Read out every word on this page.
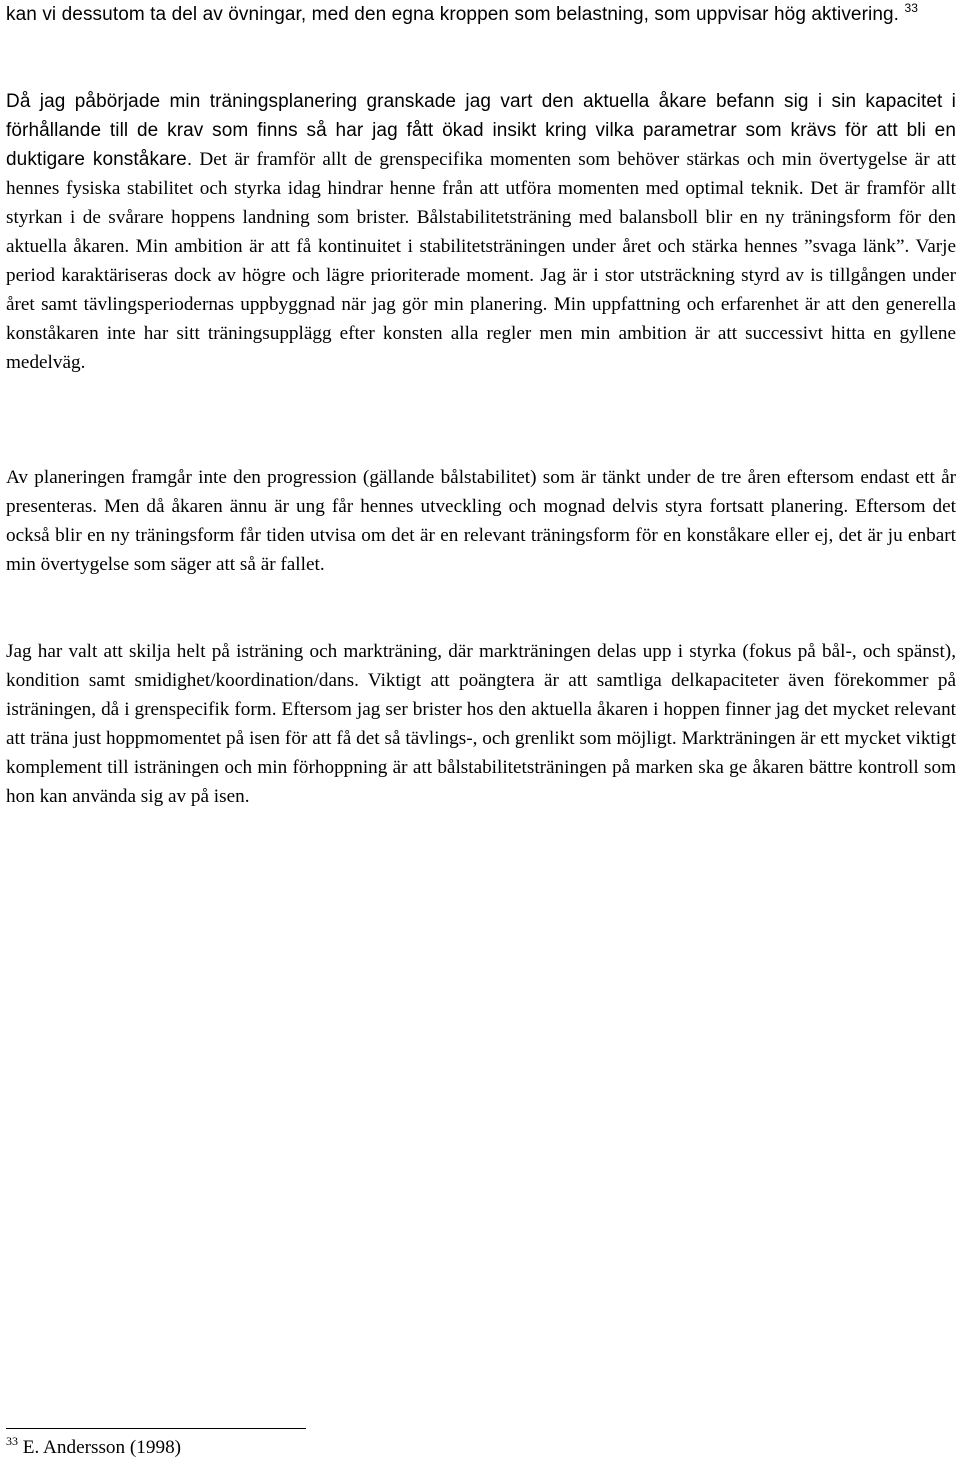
kan vi dessutom ta del av övningar, med den egna kroppen som belastning, som uppvisar hög aktivering. $^{33}$

Då jag påbörjade min träningsplanering granskade jag vart den aktuella åkare befann sig i sin kapacitet i förhållande till de krav som finns så har jag fått ökad insikt kring vilka parametrar som krävs för att bli en duktigare konståkare. Det är framför allt de grenspecifika momenten som behöver stärkas och min övertygelse är att hennes fysiska stabilitet och styrka idag hindrar henne från att utföra momenten med optimal teknik. Det är framför allt styrkan i de svårare hoppens landning som brister. Bålstabilitetsträning med balansboll blir en ny träningsform för den aktuella åkaren. Min ambition är att få kontinuitet i stabilitetsträningen under året och stärka hennes ”svaga länk”. Varje period karaktäriseras dock av högre och lägre prioriterade moment. Jag är i stor utsträckning styrd av is tillgången under året samt tävlingsperiodernas uppbyggnad när jag gör min planering. Min uppfattning och erfarenhet är att den generella konståkaren inte har sitt träningsupplägg efter konsten alla regler men min ambition är att successivt hitta en gyllene medelväg.

Av planeringen framgår inte den progression (gällande bålstabilitet) som är tänkt under de tre åren eftersom endast ett år presenteras. Men då åkaren ännu är ung får hennes utveckling och mognad delvis styra fortsatt planering. Eftersom det också blir en ny träningsform får tiden utvisa om det är en relevant träningsform för en konståkare eller ej, det är ju enbart min övertygelse som säger att så är fallet.

Jag har valt att skilja helt på isträning och markträning, där markträningen delas upp i styrka (fokus på bål-, och spänst), kondition samt smidighet/koordination/dans. Viktigt att poängtera är att samtliga delkapaciteter även förekommer på isträningen, då i grenspecifik form. Eftersom jag ser brister hos den aktuella åkaren i hoppen finner jag det mycket relevant att träna just hoppmomentet på isen för att få det så tävlings-, och grenlikt som möjligt. Markträningen är ett mycket viktigt komplement till isträningen och min förhoppning är att bålstabilitetsträningen på marken ska ge åkaren bättre kontroll som hon kan använda sig av på isen.

$^{33}$ E. Andersson (1998)
